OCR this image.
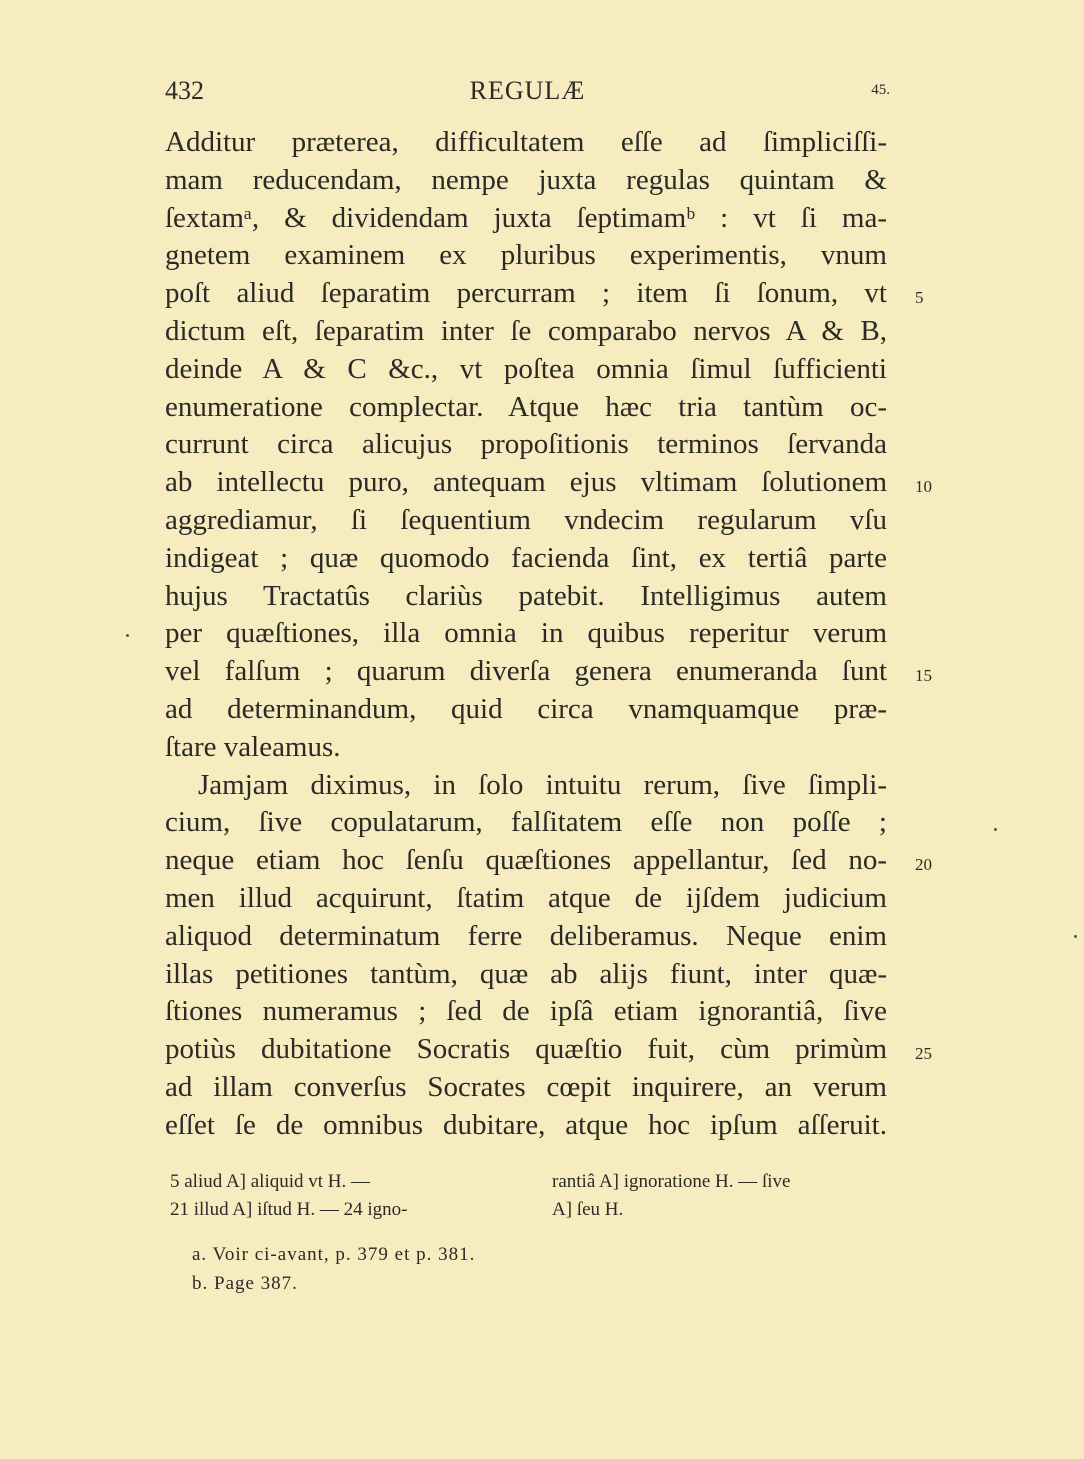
432	REGULÆ	45.
Additur præterea, difficultatem eſſe ad ſimpliciſſi-
mam reducendam, nempe juxta regulas quintam &
ſextamᵃ, & dividendam juxta ſeptimamᵇ : vt ſi ma-
gnetem examinem ex pluribus experimentis, vnum
poſt aliud ſeparatim percurram ; item ſi ſonum, vt
dictum eſt, ſeparatim inter ſe comparabo nervos A & B,
deinde A & C &c., vt poſtea omnia ſimul ſufficienti
enumeratione complectar. Atque hæc tria tantùm oc-
currunt circa alicujus propoſitionis terminos ſervanda
ab intellectu puro, antequam ejus vltimam ſolutionem
aggrediamur, ſi ſequentium vndecim regularum vſu
indigeat ; quæ quomodo facienda ſint, ex tertiâ parte
hujus Tractatûs clariùs patebit. Intelligimus autem
per quæſtiones, illa omnia in quibus reperitur verum
vel falſum ; quarum diverſa genera enumeranda ſunt
ad determinandum, quid circa vnamquamque præ-
ſtare valeamus.
Jamjam diximus, in ſolo intuitu rerum, ſive ſimpli-
cium, ſive copulatarum, falſitatem eſſe non poſſe ;
neque etiam hoc ſenſu quæſtiones appellantur, ſed no-
men illud acquirunt, ſtatim atque de ijſdem judicium
aliquod determinatum ferre deliberamus. Neque enim
illas petitiones tantùm, quæ ab alijs fiunt, inter quæ-
ſtiones numeramus ; ſed de ipſâ etiam ignorantiâ, ſive
potiùs dubitatione Socratis quæſtio fuit, cùm primùm
ad illam converſus Socrates cœpit inquirere, an verum
eſſet ſe de omnibus dubitare, atque hoc ipſum aſſeruit.
5
10
15
20
25
5 aliud A] aliquid vt H. —
21 illud A] iſtud H. — 24 igno-
rantiâ A] ignoratione H. — ſive
A] ſeu H.
a. Voir ci-avant, p. 379 et p. 381.
b. Page 387.
